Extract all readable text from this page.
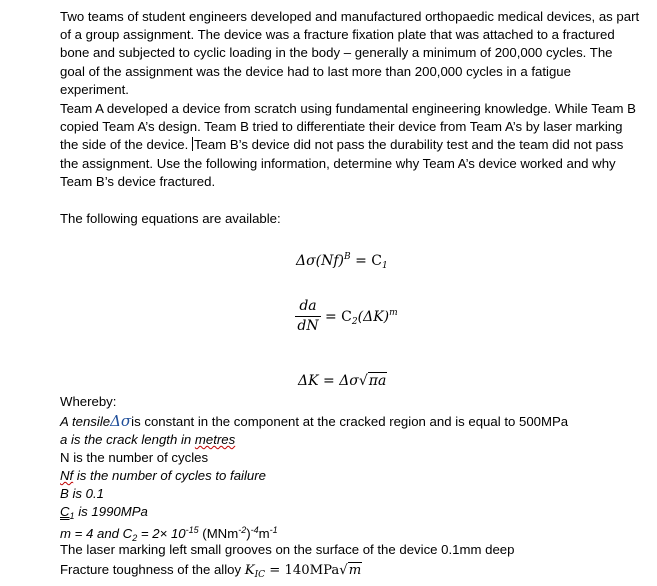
Two teams of student engineers developed and manufactured orthopaedic medical devices, as part of a group assignment. The device was a fracture fixation plate that was attached to a fractured bone and subjected to cyclic loading in the body – generally a minimum of 200,000 cycles. The goal of the assignment was the device had to last more than 200,000 cycles in a fatigue experiment.

Team A developed a device from scratch using fundamental engineering knowledge. While Team B copied Team A’s design. Team B tried to differentiate their device from Team A’s by laser marking the side of the device. Team B’s device did not pass the durability test and the team did not pass the assignment. Use the following information, determine why Team A’s device worked and why Team B’s device fractured.

The following equations are available:

$\Delta\sigma(Nf)^B = C_1$
da
dN
= $C_2(\Delta K)^m$
ΔK = Δσ√πa
Whereby:
A tensileΔσis constant in the component at the cracked region and is equal to 500MPa
a is the crack length in metres
N is the number of cycles
Nf is the number of cycles to failure
B is 0.1
$C_1$ is 1990MPa
m = 4 and $C_2 = 2\times 10^{-15}$ $(MNm^{-2})^{-4}m^{-1}$
The laser marking left small grooves on the surface of the device 0.1mm deep
Fracture toughness of the alloy $K_{IC} = 140MPa√m$
